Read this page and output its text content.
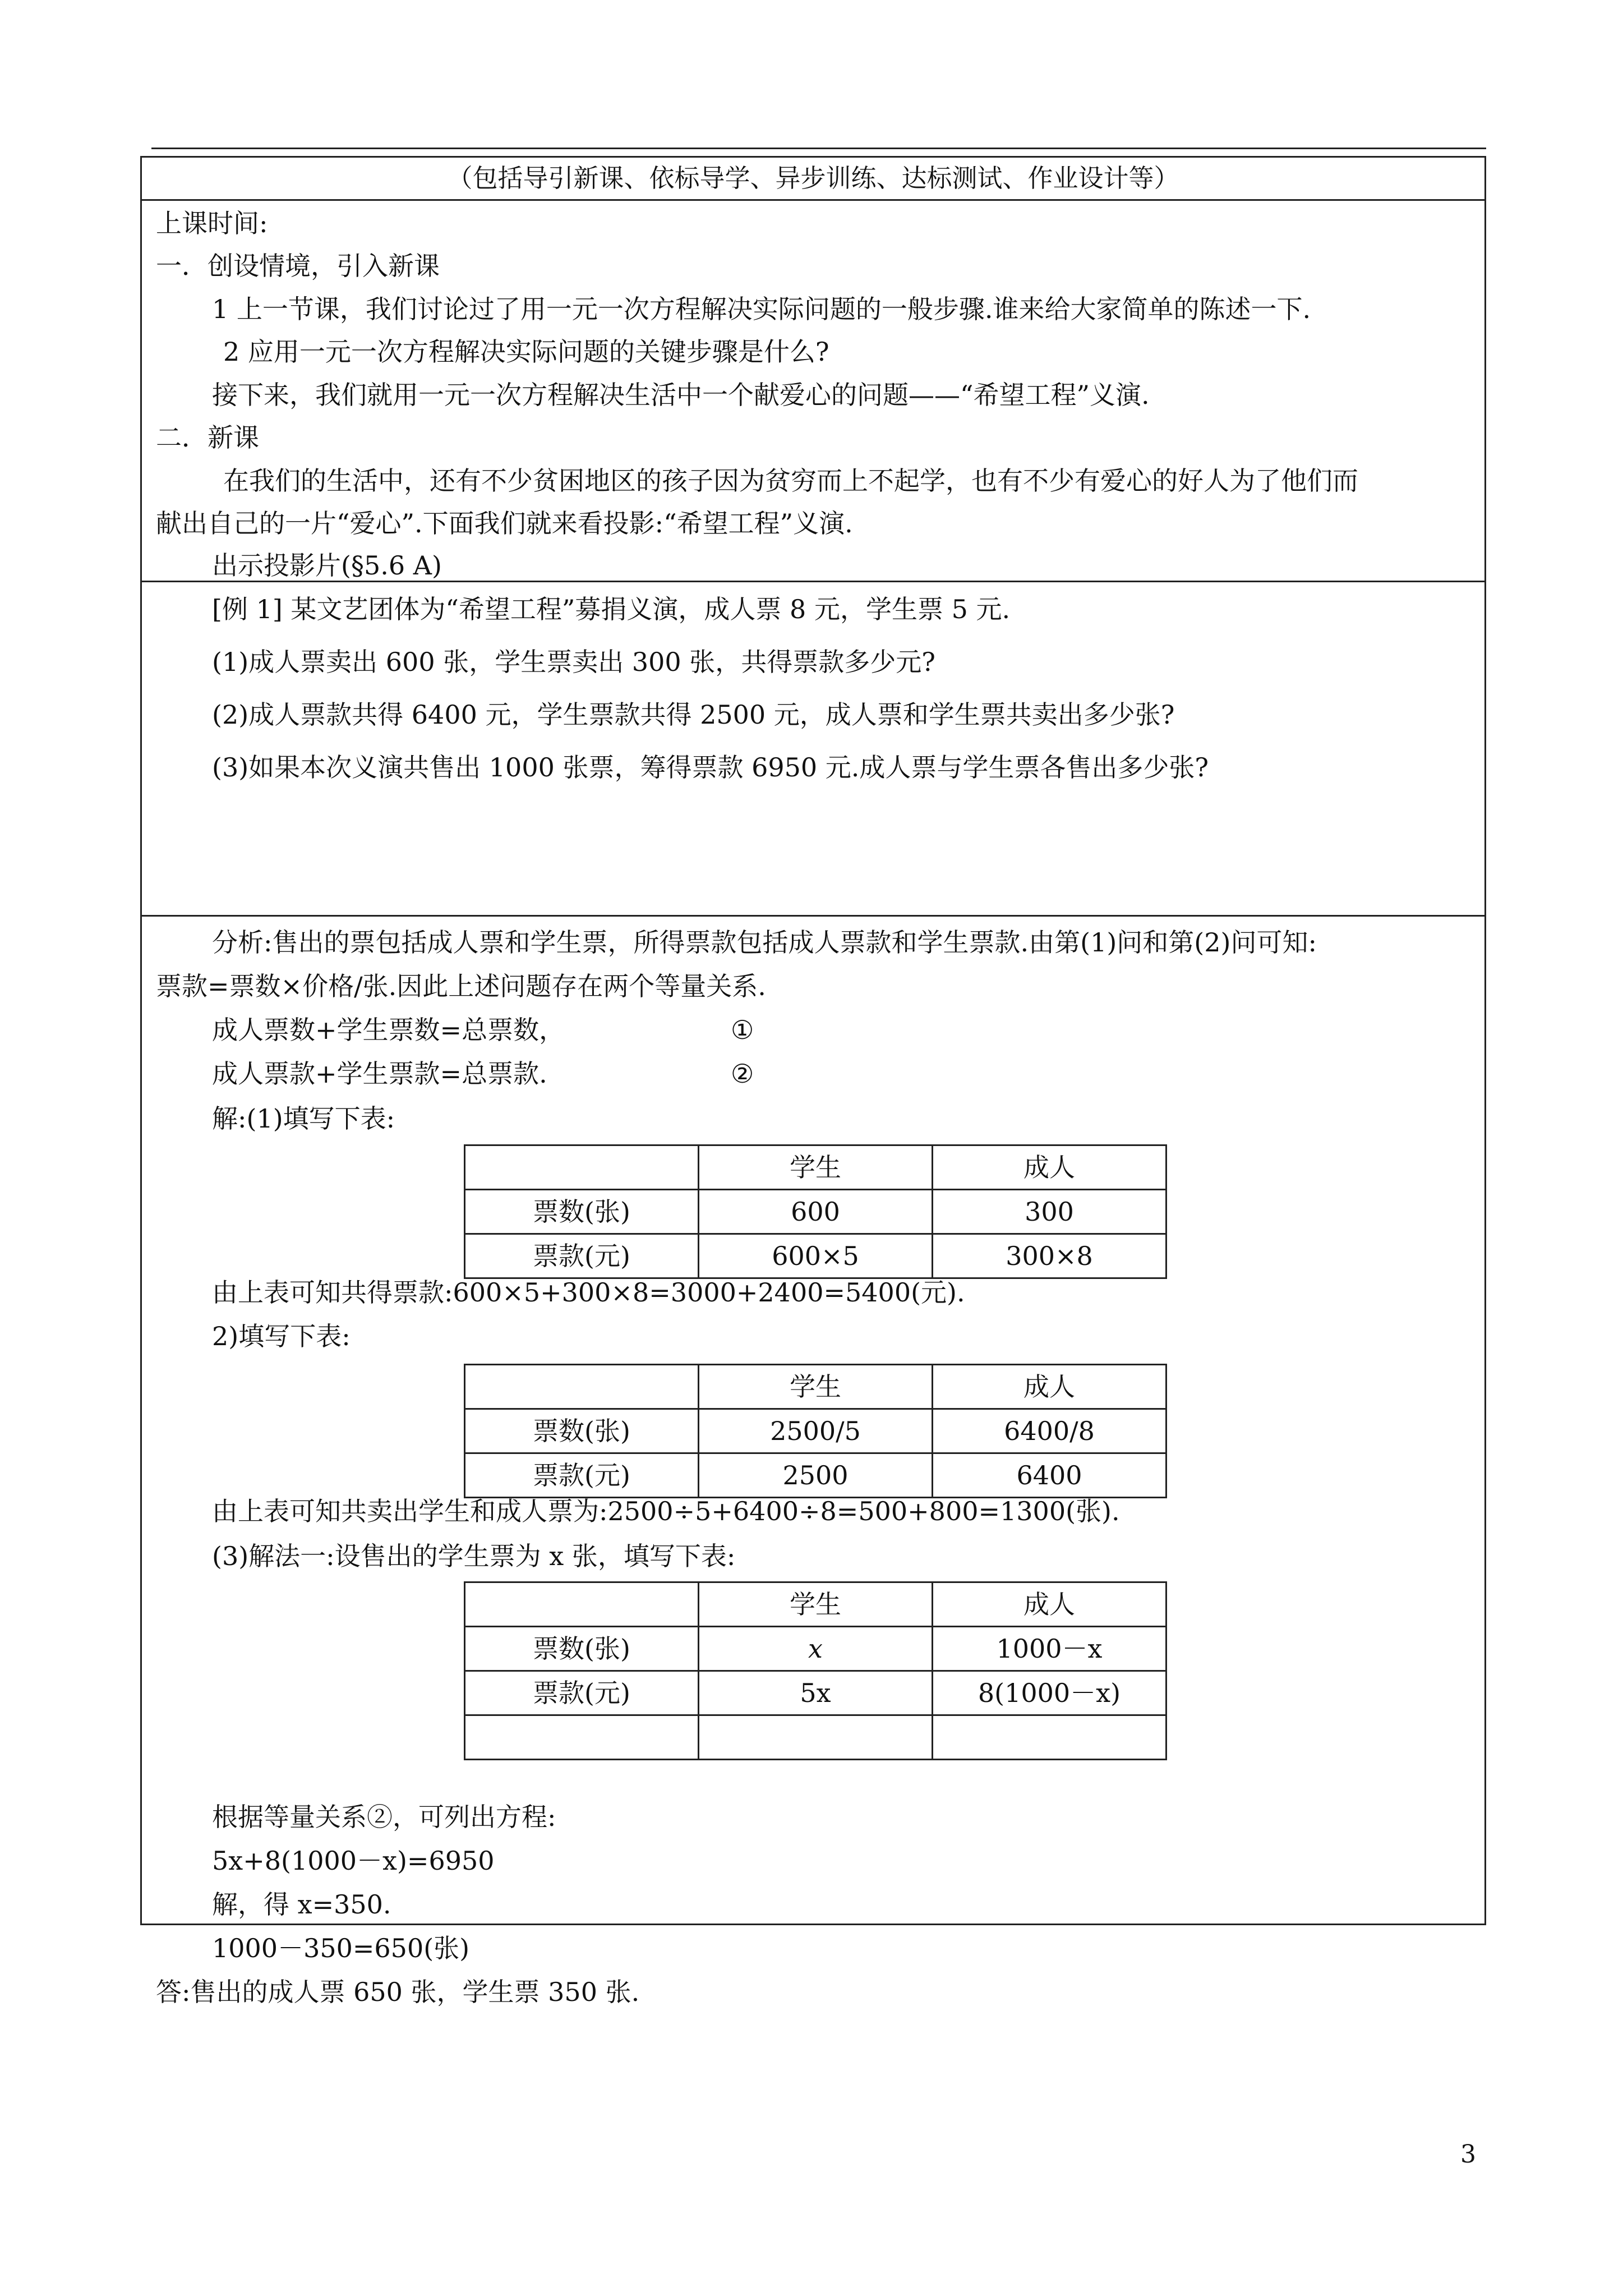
（包括导引新课、依标导学、异步训练、达标测试、作业设计等）
上课时间:
一．创设情境，引入新课
1 上一节课，我们讨论过了用一元一次方程解决实际问题的一般步骤.谁来给大家简单的陈述一下.
2 应用一元一次方程解决实际问题的关键步骤是什么?
接下来，我们就用一元一次方程解决生活中一个献爱心的问题——“希望工程”义演.
二．新课
在我们的生活中，还有不少贫困地区的孩子因为贫穷而上不起学，也有不少有爱心的好人为了他们而
献出自己的一片“爱心”.下面我们就来看投影:“希望工程”义演.
出示投影片(§5.6 A)
[例 1] 某文艺团体为“希望工程”募捐义演，成人票 8 元，学生票 5 元.
(1)成人票卖出 600 张，学生票卖出 300 张，共得票款多少元?
(2)成人票款共得 6400 元，学生票款共得 2500 元，成人票和学生票共卖出多少张?
(3)如果本次义演共售出 1000 张票，筹得票款 6950 元.成人票与学生票各售出多少张?
分析:售出的票包括成人票和学生票，所得票款包括成人票款和学生票款.由第(1)问和第(2)问可知:
票款=票数×价格/张.因此上述问题存在两个等量关系.
成人票数+学生票数=总票数，	①
成人票款+学生票款=总票款.	②
解:(1)填写下表:
	学生	成人
票数(张)	600	300
票款(元)	600×5	300×8
由上表可知共得票款:600×5+300×8=3000+2400=5400(元).
2)填写下表:
	学生	成人
票数(张)	2500/5	6400/8
票款(元)	2500	6400
由上表可知共卖出学生和成人票为:2500÷5+6400÷8=500+800=1300(张).
(3)解法一:设售出的学生票为 x 张，填写下表:
	学生	成人
票数(张)	x	1000－x
票款(元)	5x	8(1000－x)

根据等量关系②，可列出方程:
5x+8(1000－x)=6950
解，得 x=350.
1000－350=650(张)
答:售出的成人票 650 张，学生票 350 张.
3
